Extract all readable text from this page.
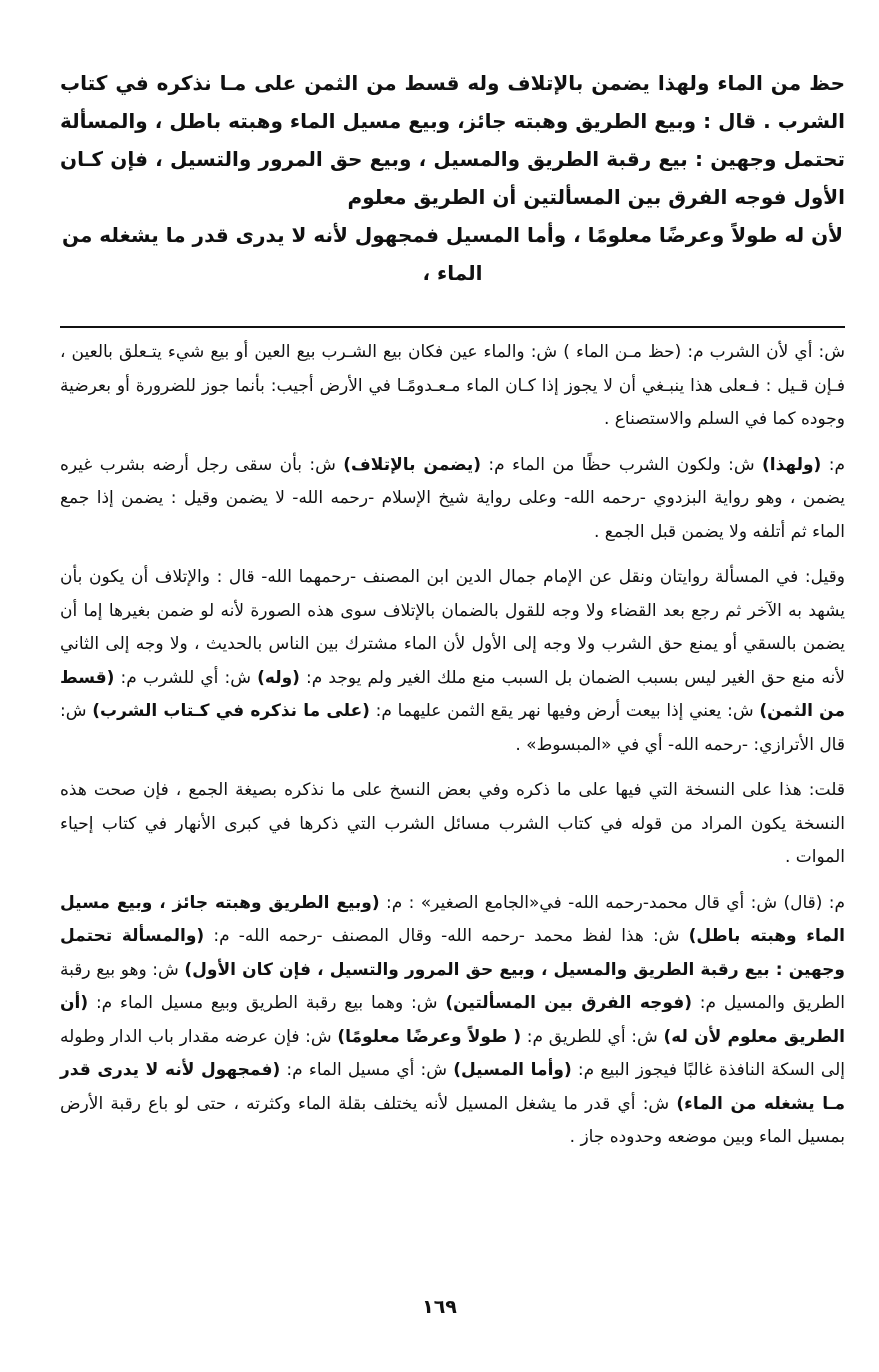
حظ من الماء ولهذا يضمن بالإتلاف وله قسط من الثمن على مـا نذكره في كتاب الشرب . قال : وبيع الطريق وهبته جائز، وبيع مسيل الماء وهبته باطل ، والمسألة تحتمل وجهين : بيع رقبة الطريق والمسيل ، وبيع حق المرور والتسيل ، فإن كـان الأول فوجه الفرق بين المسألتين أن الطريق معلوم
لأن له طولاً وعرضًا معلومًا ، وأما المسيل فمجهول لأنه لا يدرى قدر ما يشغله من الماء ،

ش: أي لأن الشرب م: (حظ مـن الماء ) ش: والماء عين فكان بيع الشـرب بيع العين أو بيع شيء يتـعلق بالعين ، فـإن قـيل : فـعلى هذا ينبـغي أن لا يجوز إذا كـان الماء مـعـدومًـا في الأرض أجيب: بأنما جوز للضرورة أو بعرضية وجوده كما في السلم والاستصناع .

م: (ولهذا) ش: ولكون الشرب حظًا من الماء م: (يضمن بالإتلاف) ش: بأن سقى رجل أرضه بشرب غيره يضمن ، وهو رواية البزدوي -رحمه الله- وعلى رواية شيخ الإسلام -رحمه الله- لا يضمن وقيل : يضمن إذا جمع الماء ثم أتلفه ولا يضمن قبل الجمع .

وقيل: في المسألة روايتان ونقل عن الإمام جمال الدين ابن المصنف -رحمهما الله- قال : والإتلاف أن يكون بأن يشهد به الآخر ثم رجع بعد القضاء ولا وجه للقول بالضمان بالإتلاف سوى هذه الصورة لأنه لو ضمن بغيرها إما أن يضمن بالسقي أو يمنع حق الشرب ولا وجه إلى الأول لأن الماء مشترك بين الناس بالحديث ، ولا وجه إلى الثاني لأنه منع حق الغير ليس بسبب الضمان بل السبب منع ملك الغير ولم يوجد م: (وله) ش: أي للشرب م: (قسط من الثمن) ش: يعني إذا بيعت أرض وفيها نهر يقع الثمن عليهما م: (على ما نذكره في كـتاب الشرب) ش: قال الأترازي: -رحمه الله- أي في «المبسوط» .

قلت: هذا على النسخة التي فيها على ما ذكره وفي بعض النسخ على ما نذكره بصيغة الجمع ، فإن صحت هذه النسخة يكون المراد من قوله في كتاب الشرب مسائل الشرب التي ذكرها في كبرى الأنهار في كتاب إحياء الموات .

م: (قال) ش: أي قال محمد-رحمه الله- في«الجامع الصغير» : م: (وبيع الطريق وهبته جائز ، وبيع مسيل الماء وهبته باطل) ش: هذا لفظ محمد -رحمه الله- وقال المصنف -رحمه الله- م: (والمسألة تحتمل وجهين : بيع رقبة الطريق والمسيل ، وبيع حق المرور والتسيل ، فإن كان الأول) ش: وهو بيع رقبة الطريق والمسيل م: (فوجه الفرق بين المسألتين) ش: وهما بيع رقبة الطريق وبيع مسيل الماء م: (أن الطريق معلوم لأن له) ش: أي للطريق م: ( طولاً وعرضًا معلومًا) ش: فإن عرضه مقدار باب الدار وطوله إلى السكة النافذة غالبًا فيجوز البيع م: (وأما المسيل) ش: أي مسيل الماء م: (فمجهول لأنه لا يدرى قدر مـا يشغله من الماء) ش: أي قدر ما يشغل المسيل لأنه يختلف بقلة الماء وكثرته ، حتى لو باع رقبة الأرض بمسيل الماء وبين موضعه وحدوده جاز .

١٦٩
